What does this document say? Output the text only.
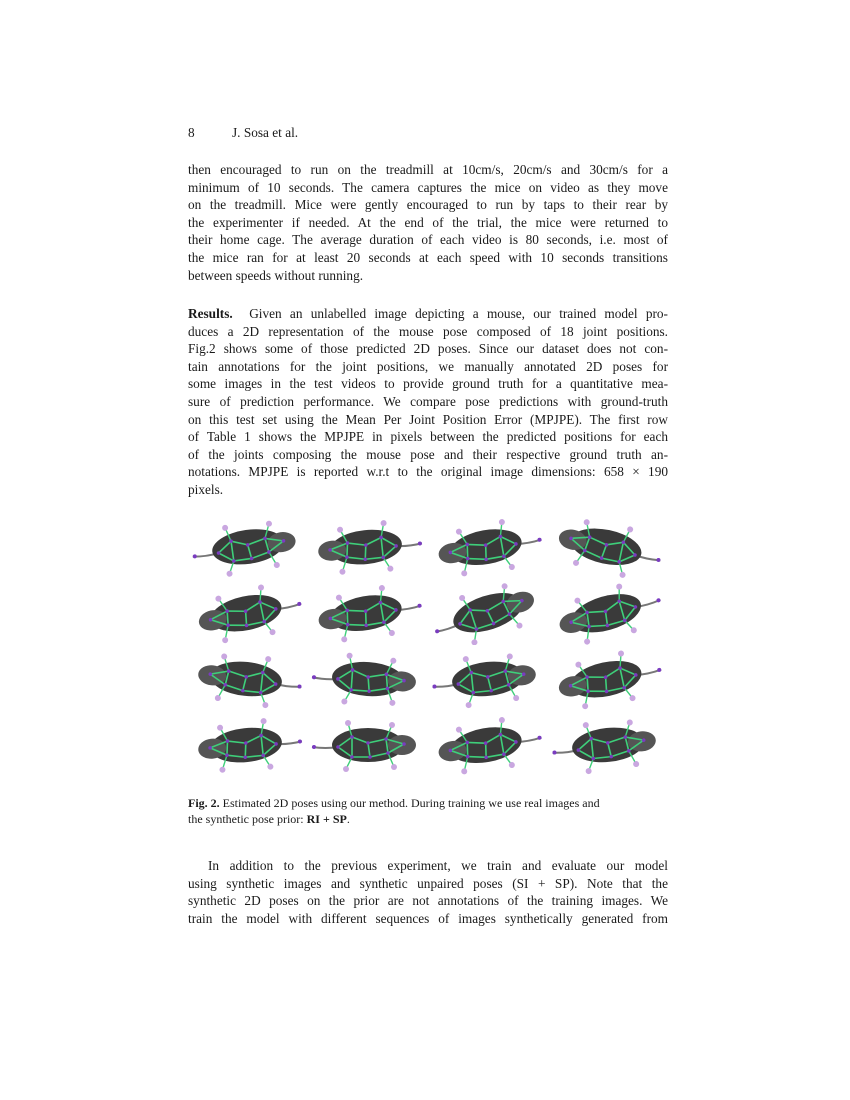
8	J. Sosa et al.
then encouraged to run on the treadmill at 10cm/s, 20cm/s and 30cm/s for a
minimum of 10 seconds. The camera captures the mice on video as they move
on the treadmill. Mice were gently encouraged to run by taps to their rear by
the experimenter if needed. At the end of the trial, the mice were returned to
their home cage. The average duration of each video is 80 seconds, i.e. most of
the mice ran for at least 20 seconds at each speed with 10 seconds transitions
between speeds without running.
Results. Given an unlabelled image depicting a mouse, our trained model pro-
duces a 2D representation of the mouse pose composed of 18 joint positions.
Fig.2 shows some of those predicted 2D poses. Since our dataset does not con-
tain annotations for the joint positions, we manually annotated 2D poses for
some images in the test videos to provide ground truth for a quantitative mea-
sure of prediction performance. We compare pose predictions with ground-truth
on this test set using the Mean Per Joint Position Error (MPJPE). The first row
of Table 1 shows the MPJPE in pixels between the predicted positions for each
of the joints composing the mouse pose and their respective ground truth an-
notations. MPJPE is reported w.r.t to the original image dimensions: 658 × 190
pixels.
Fig. 2. Estimated 2D poses using our method. During training we use real images and
the synthetic pose prior: RI + SP.
In addition to the previous experiment, we train and evaluate our model
using synthetic images and synthetic unpaired poses (SI + SP). Note that the
synthetic 2D poses on the prior are not annotations of the training images. We
train the model with different sequences of images synthetically generated from
